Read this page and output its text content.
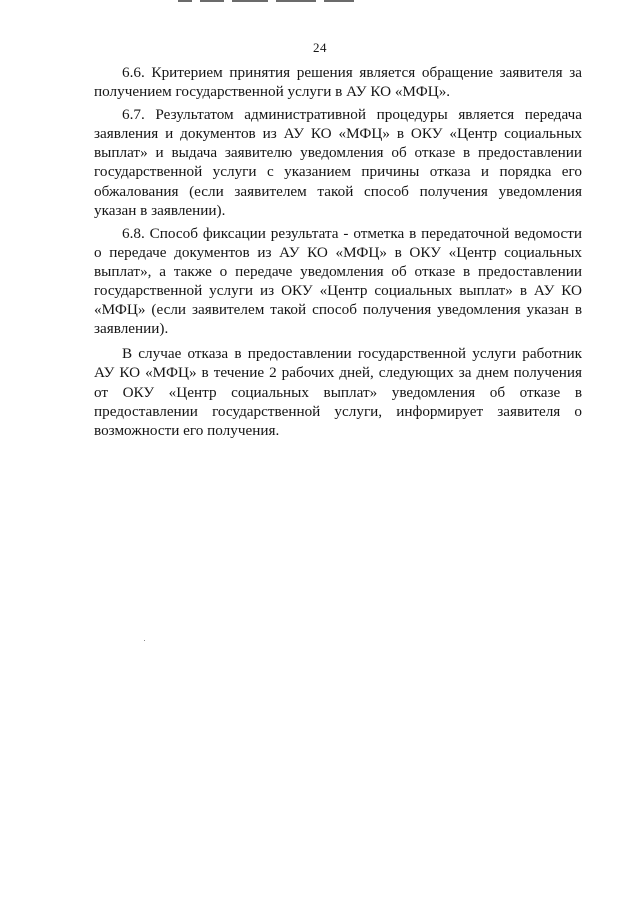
24

6.6. Критерием принятия решения является обращение заявителя за получением государственной услуги в АУ КО «МФЦ».

6.7. Результатом административной процедуры является передача заявления и документов из АУ КО «МФЦ» в ОКУ «Центр социальных выплат» и выдача заявителю уведомления об отказе в предоставлении государственной услуги с указанием причины отказа и порядка его обжалования (если заявителем такой способ получения уведомления указан в заявлении).

6.8. Способ фиксации результата - отметка в передаточной ведомости о передаче документов из АУ КО «МФЦ» в ОКУ «Центр социальных выплат», а также о передаче уведомления об отказе в предоставлении государственной услуги из ОКУ «Центр социальных выплат» в АУ КО «МФЦ» (если заявителем такой способ получения уведомления указан в заявлении).

В случае отказа в предоставлении государственной услуги работник АУ КО «МФЦ» в течение 2 рабочих дней, следующих за днем получения от ОКУ «Центр социальных выплат» уведомления об отказе в предоставлении государственной услуги, информирует заявителя о возможности его получения.
